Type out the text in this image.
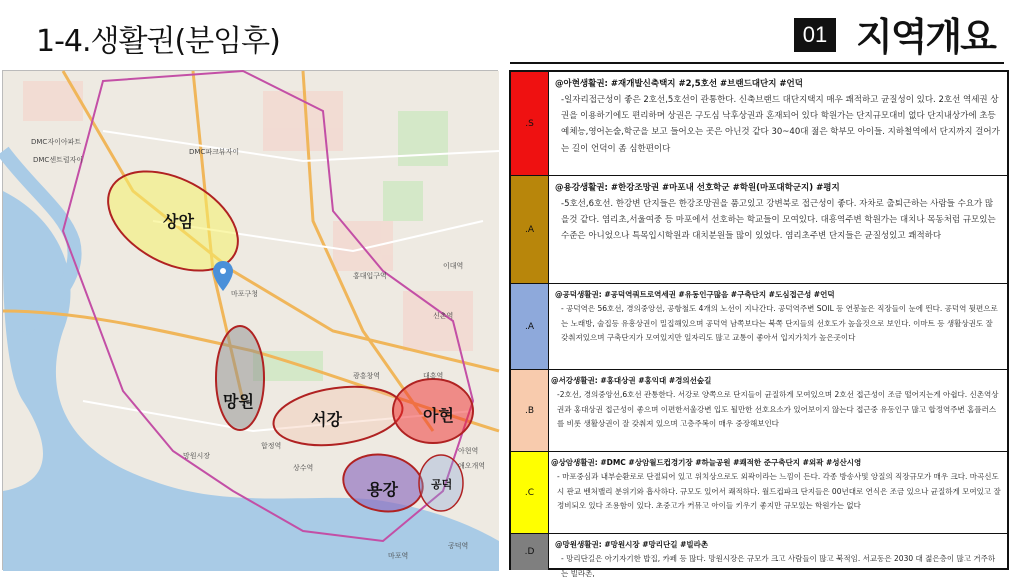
1-4.생활권(분임후)	01 지역개요
DMC자이아파트
DMC센트럴자이
DMC파크뷰자이
마포구청
망원시장
홍대입구역
공덕역
마포역
합정역
상수역
광흥창역	대흥역
신촌역
이대역
아현역
애오개역
상암
망원
서강	아현
용강	공덕
.S
@아현생활권: #재개발신축택지 #2,5호선 #브랜드대단지 #언덕
-일자리접근성이 좋은 2호선,5호선이 관통한다. 신축브랜드 대단지택지 매우 쾌적하고 균질성이 있다. 2호선 역세권 상권을 이용하기에도 편리하며 상권은 구도심 낙후상권과 혼재되어 있다 학원가는 단지규모대비 없다 단지내상가에 초등예체능,영어논술,학군을 보고 들어오는 곳은 아닌것 같다 30~40대 젊은 학부모 아이들. 지하철역에서 단지까지 걸어가는 길이 언덕이 좀 심한편이다
.A
@용강생활권: #한강조망권 #마포내 선호학군 #학원(마포대학군지) #평지
-5호선,6호선. 한강변 단지들은 한강조망권을 품고있고 강변북로 접근성이 좋다. 자차로 출퇴근하는 사람들 수요가 많을것 같다. 염리초,서울여중 등 마포에서 선호하는 학교들이 모여있다. 대흥역주변 학원가는 대치나 목동처럼 규모있는 수준은 아니었으나 특목입시학원과 대치분원들 많이 있었다. 염리초주변 단지들은 균질성있고 쾌적하다
.A
@공덕생활권: #공덕역쿼트로역세권 #유동인구많음 #구축단지 #도심접근성 #언덕
- 공덕역은 56호선, 경의중앙선, 공항철도 4개의 노선이 지나간다. 공덕역주변 SOIL 등 연봉높은 직장들이 눈에 띈다. 공덕역 뒷편으로는 노래방, 술집등 유흥상권이 밀집해있으며 공덕역 남쪽보다는 북쪽 단지들의 선호도가 높을것으로 보인다. 이마트 등 생활상권도 잘 갖춰져있으며 구축단지가 모여있지만 일자리도 많고 교통이 좋아서 입지가치가 높은곳이다
.B
@서강생활권: #홍대상권 #홍익대 #경의선숲길
-2호선, 경의중앙선,6호선 관통한다. 서강로 양쪽으로 단지들이 균질하게 모여있으며 2호선 접근성이 조금 떨어지는게 아쉽다. 신촌역상권과 홍대상권 접근성이 좋으며 이편한서울강변 입도 될만한 선호요소가 있어보이지 않는다 접근중 유동인구 많고 합정역주변 홈플러스를 비롯 생활상권이 잘 갖춰져 있으며 고층주복이 매우 중장해보인다
.C
@상암생활권: #DMC #상암월드컵경기장 #하늘공원 #쾌적한 준구축단지 #외곽 #성산시영
- 마포중심과 내부순환로로 단절되어 있고 위치상으로도 외곽이라는 느낌이 든다. 각종 방송사및 앙질의 직장규모가 매우 크다. 마곡신도시 판교 벤처밸리 분위기와 흡사하다. 규모도 있어서 쾌적하다. 월드컵파크 단지들은 00년대로 연식은 조금 있으나 균질하게 모여있고 잘 정비되오 있다 조용함이 있다. 초중고가 커뮤고 아이들 키우기 좋지만 규모있는 학원가는 없다
.D
@망원생활권: #망원시장 #망리단길 #빌라촌
- 망리단길은 아기자기한 밥집, 카페 등 많다. 망원시장은 규모가 크고 사람들이 많고 북적임. 서교동은 2030 대 젊은층이 많고 거주하는 빌라촌,
